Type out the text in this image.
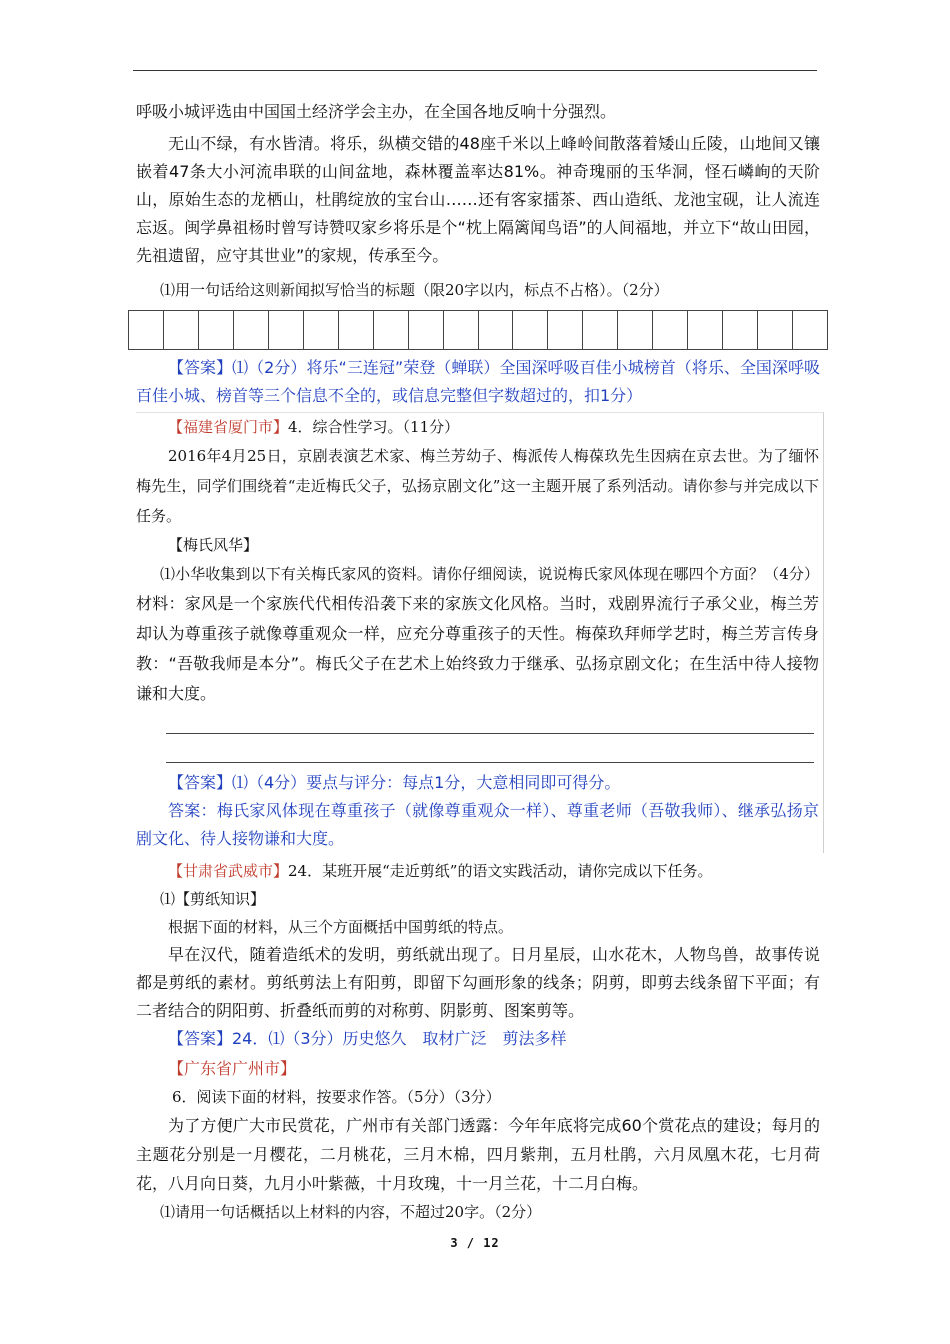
呼吸小城评选由中国国土经济学会主办，在全国各地反响十分强烈。

无山不绿，有水皆清。将乐，纵横交错的48座千米以上峰岭间散落着矮山丘陵，山地间又镶嵌着47条大小河流串联的山间盆地，森林覆盖率达81%。神奇瑰丽的玉华洞，怪石嶙峋的天阶山，原始生态的龙栖山，杜鹃绽放的宝台山……还有客家擂茶、西山造纸、龙池宝砚，让人流连忘返。闽学鼻祖杨时曾写诗赞叹家乡将乐是个“枕上隔篱闻鸟语”的人间福地，并立下“故山田园，先祖遗留，应守其世业”的家规，传承至今。

⑴用一句话给这则新闻拟写恰当的标题（限20字以内，标点不占格）。（2分）

【答案】⑴（2分）将乐“三连冠”荣登（蝉联）全国深呼吸百佳小城榜首（将乐、全国深呼吸百佳小城、榜首等三个信息不全的，或信息完整但字数超过的，扣1分）

【福建省厦门市】4．综合性学习。（11分）

2016年4月25日，京剧表演艺术家、梅兰芳幼子、梅派传人梅葆玖先生因病在京去世。为了缅怀梅先生，同学们围绕着“走近梅氏父子，弘扬京剧文化”这一主题开展了系列活动。请你参与并完成以下任务。

【梅氏风华】

⑴小华收集到以下有关梅氏家风的资料。请你仔细阅读，说说梅氏家风体现在哪四个方面？（4分）材料：家风是一个家族代代相传沿袭下来的家族文化风格。当时，戏剧界流行子承父业，梅兰芳却认为尊重孩子就像尊重观众一样，应充分尊重孩子的天性。梅葆玖拜师学艺时，梅兰芳言传身教：“吾敬我师是本分”。梅氏父子在艺术上始终致力于继承、弘扬京剧文化；在生活中待人接物谦和大度。

【答案】⑴（4分）要点与评分：每点1分，大意相同即可得分。

答案：梅氏家风体现在尊重孩子（就像尊重观众一样）、尊重老师（吾敬我师）、继承弘扬京剧文化、待人接物谦和大度。

【甘肃省武威市】24．某班开展“走近剪纸”的语文实践活动，请你完成以下任务。

⑴【剪纸知识】

根据下面的材料，从三个方面概括中国剪纸的特点。

早在汉代，随着造纸术的发明，剪纸就出现了。日月星辰，山水花木，人物鸟兽，故事传说都是剪纸的素材。剪纸剪法上有阳剪，即留下勾画形象的线条；阴剪，即剪去线条留下平面；有二者结合的阴阳剪、折叠纸而剪的对称剪、阴影剪、图案剪等。

【答案】24．⑴（3分）历史悠久　取材广泛　剪法多样

【广东省广州市】

6．阅读下面的材料，按要求作答。（5分）（3分）

为了方便广大市民赏花，广州市有关部门透露：今年年底将完成60个赏花点的建设；每月的主题花分别是一月樱花，二月桃花，三月木棉，四月紫荆，五月杜鹃，六月凤凰木花，七月荷花，八月向日葵，九月小叶紫薇，十月玫瑰，十一月兰花，十二月白梅。

⑴请用一句话概括以上材料的内容，不超过20字。（2分）

3 / 12
